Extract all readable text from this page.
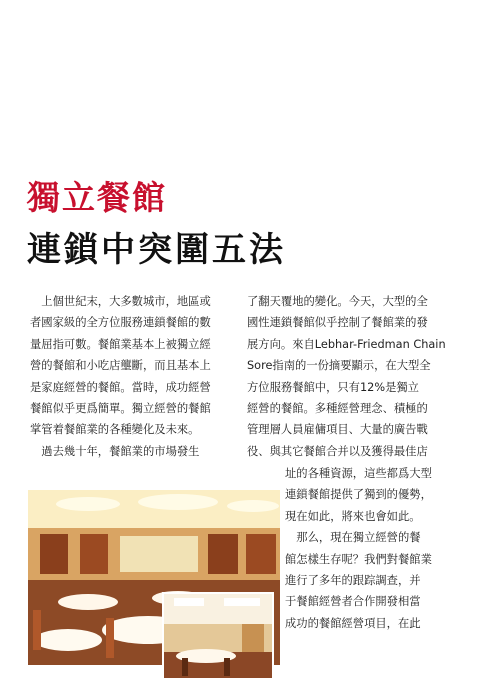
獨立餐館
連鎖中突圍五法

　上個世紀末，大多數城市，地區或

者國家級的全方位服務連鎖餐館的數

量屈指可數。餐館業基本上被獨立經

營的餐館和小吃店壟斷，而且基本上

是家庭經營的餐館。當時，成功經營

餐館似乎更爲簡單。獨立經營的餐館

掌管着餐館業的各種變化及未來。

　過去幾十年，餐館業的市場發生

了翻天覆地的變化。今天，大型的全

國性連鎖餐館似乎控制了餐館業的發

展方向。來自Lebhar-Friedman Chain

Sore指南的一份摘要顯示，在大型全

方位服務餐館中，只有12%是獨立

經營的餐館。多種經營理念、積極的

管理層人員雇傭項目、大量的廣告戰

役、與其它餐館合并以及獲得最佳店

址的各種資源，這些都爲大型

連鎖餐館提供了獨到的優勢，

現在如此，將來也會如此。

　那么，現在獨立經營的餐

館怎樣生存呢？我們對餐館業

進行了多年的跟踪調查，并

于餐館經營者合作開發相當

成功的餐館經營項目，在此
